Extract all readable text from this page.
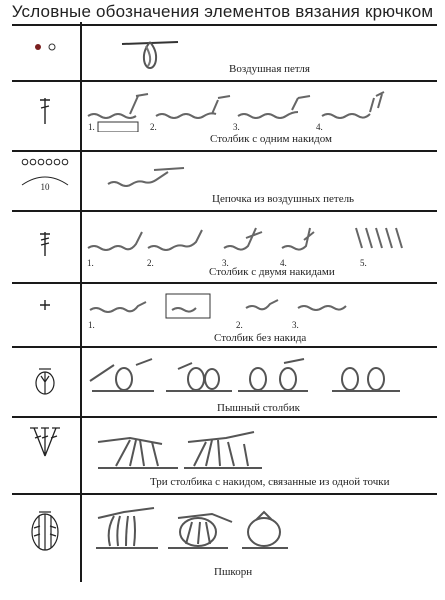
Условные обозначения элементов вязания крючком
Воздушная петля
1.	2.	3.	4.
Столбик с одним накидом
10
Цепочка из воздушных петель
1.	2.	3.	4.	5.
Столбик с двумя накидами
1.	2.	3.
Столбик без накида
Пышный столбик
Три столбика с накидом, связанные из одной точки
Пшкорн
